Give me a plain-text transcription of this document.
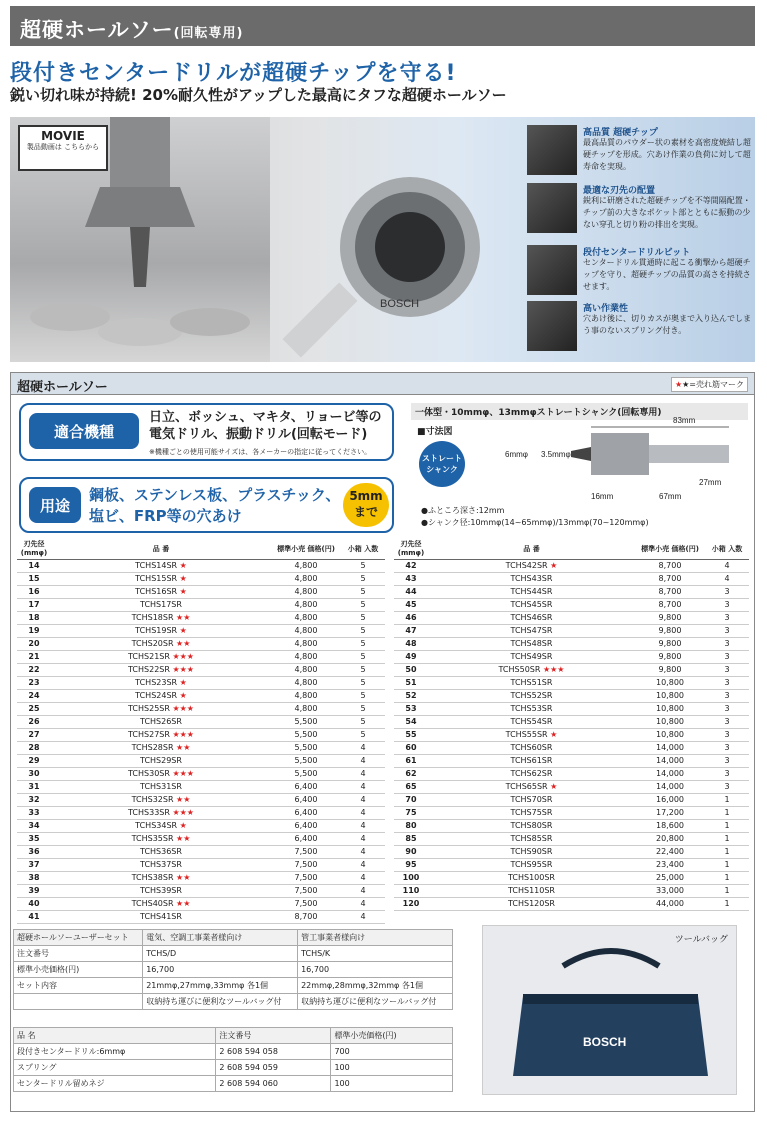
超硬ホールソー(回転専用)
段付きセンタードリルが超硬チップを守る!
鋭い切れ味が持続! 20%耐久性がアップした最高にタフな超硬ホールソー
MOVIE
製品動画は こちらから
BOSCH
高品質 超硬チップ
最高品質のパウダー状の素材を高密度焼結し超硬チップを形成。穴あけ作業の負荷に対して超寿命を実現。
最適な刃先の配置
鋭利に研磨された超硬チップを不等間隔配置・チップ前の大きなポケット部とともに振動の少ない穿孔と切り粉の排出を実現。
段付センタードリルビット
センタードリル貫通時に起こる衝撃から超硬チップを守り、超硬チップの品質の高さを持続させます。
高い作業性
穴あけ後に、切りカスが奥まで入り込んでしまう事のないスプリング付き。
超硬ホールソー	★★=売れ筋マーク
適合機種
日立、ボッシュ、マキタ、リョービ等の
電気ドリル、振動ドリル(回転モード)
※機種ごとの使用可能サイズは、各メーカーの指定に従ってください。
用途
鋼板、ステンレス板、プラスチック、
塩ビ、FRP等の穴あけ
5mm
まで
一体型・10mmφ、13mmφストレートシャンク(回転専用)
■寸法図
ストレート シャンク
83mm
6mmφ 3.5mmφ
27mm
16mm	67mm
●ふところ深さ:12mm
●シャンク径:10mmφ(14~65mmφ)/13mmφ(70~120mmφ)
刃先径 (mmφ)	品 番	標準小売 価格(円)	小箱 入数
14	TCHS14SR ★	4,800	5
15	TCHS15SR ★	4,800	5
16	TCHS16SR ★	4,800	5
17	TCHS17SR	4,800	5
18	TCHS18SR ★★	4,800	5
19	TCHS19SR ★	4,800	5
20	TCHS20SR ★★	4,800	5
21	TCHS21SR ★★★	4,800	5
22	TCHS22SR ★★★	4,800	5
23	TCHS23SR ★	4,800	5
24	TCHS24SR ★	4,800	5
25	TCHS25SR ★★★	4,800	5
26	TCHS26SR	5,500	5
27	TCHS27SR ★★★	5,500	5
28	TCHS28SR ★★	5,500	4
29	TCHS29SR	5,500	4
30	TCHS30SR ★★★	5,500	4
31	TCHS31SR	6,400	4
32	TCHS32SR ★★	6,400	4
33	TCHS33SR ★★★	6,400	4
34	TCHS34SR ★	6,400	4
35	TCHS35SR ★★	6,400	4
36	TCHS36SR	7,500	4
37	TCHS37SR	7,500	4
38	TCHS38SR ★★	7,500	4
39	TCHS39SR	7,500	4
40	TCHS40SR ★★	7,500	4
41	TCHS41SR	8,700	4
刃先径 (mmφ)	品 番	標準小売 価格(円)	小箱 入数
42	TCHS42SR ★	8,700	4
43	TCHS43SR	8,700	4
44	TCHS44SR	8,700	3
45	TCHS45SR	8,700	3
46	TCHS46SR	9,800	3
47	TCHS47SR	9,800	3
48	TCHS48SR	9,800	3
49	TCHS49SR	9,800	3
50	TCHS50SR ★★★	9,800	3
51	TCHS51SR	10,800	3
52	TCHS52SR	10,800	3
53	TCHS53SR	10,800	3
54	TCHS54SR	10,800	3
55	TCHS55SR ★	10,800	3
60	TCHS60SR	14,000	3
61	TCHS61SR	14,000	3
62	TCHS62SR	14,000	3
65	TCHS65SR ★	14,000	3
70	TCHS70SR	16,000	1
75	TCHS75SR	17,200	1
80	TCHS80SR	18,600	1
85	TCHS85SR	20,800	1
90	TCHS90SR	22,400	1
95	TCHS95SR	23,400	1
100	TCHS100SR	25,000	1
110	TCHS110SR	33,000	1
120	TCHS120SR	44,000	1
超硬ホールソーユーザーセット	電気、空調工事業者様向け	管工事業者様向け
注文番号	TCHS/D	TCHS/K
標準小売価格(円)	16,700	16,700
セット内容	21mmφ,27mmφ,33mmφ 各1個	22mmφ,28mmφ,32mmφ 各1個
	収納持ち運びに便利なツールバッグ付	収納持ち運びに便利なツールバッグ付
品 名	注文番号	標準小売価格(円)
段付きセンタードリル:6mmφ	2 608 594 058	700
スプリング	2 608 594 059	100
センタードリル留めネジ	2 608 594 060	100
ツールバッグ
BOSCH
